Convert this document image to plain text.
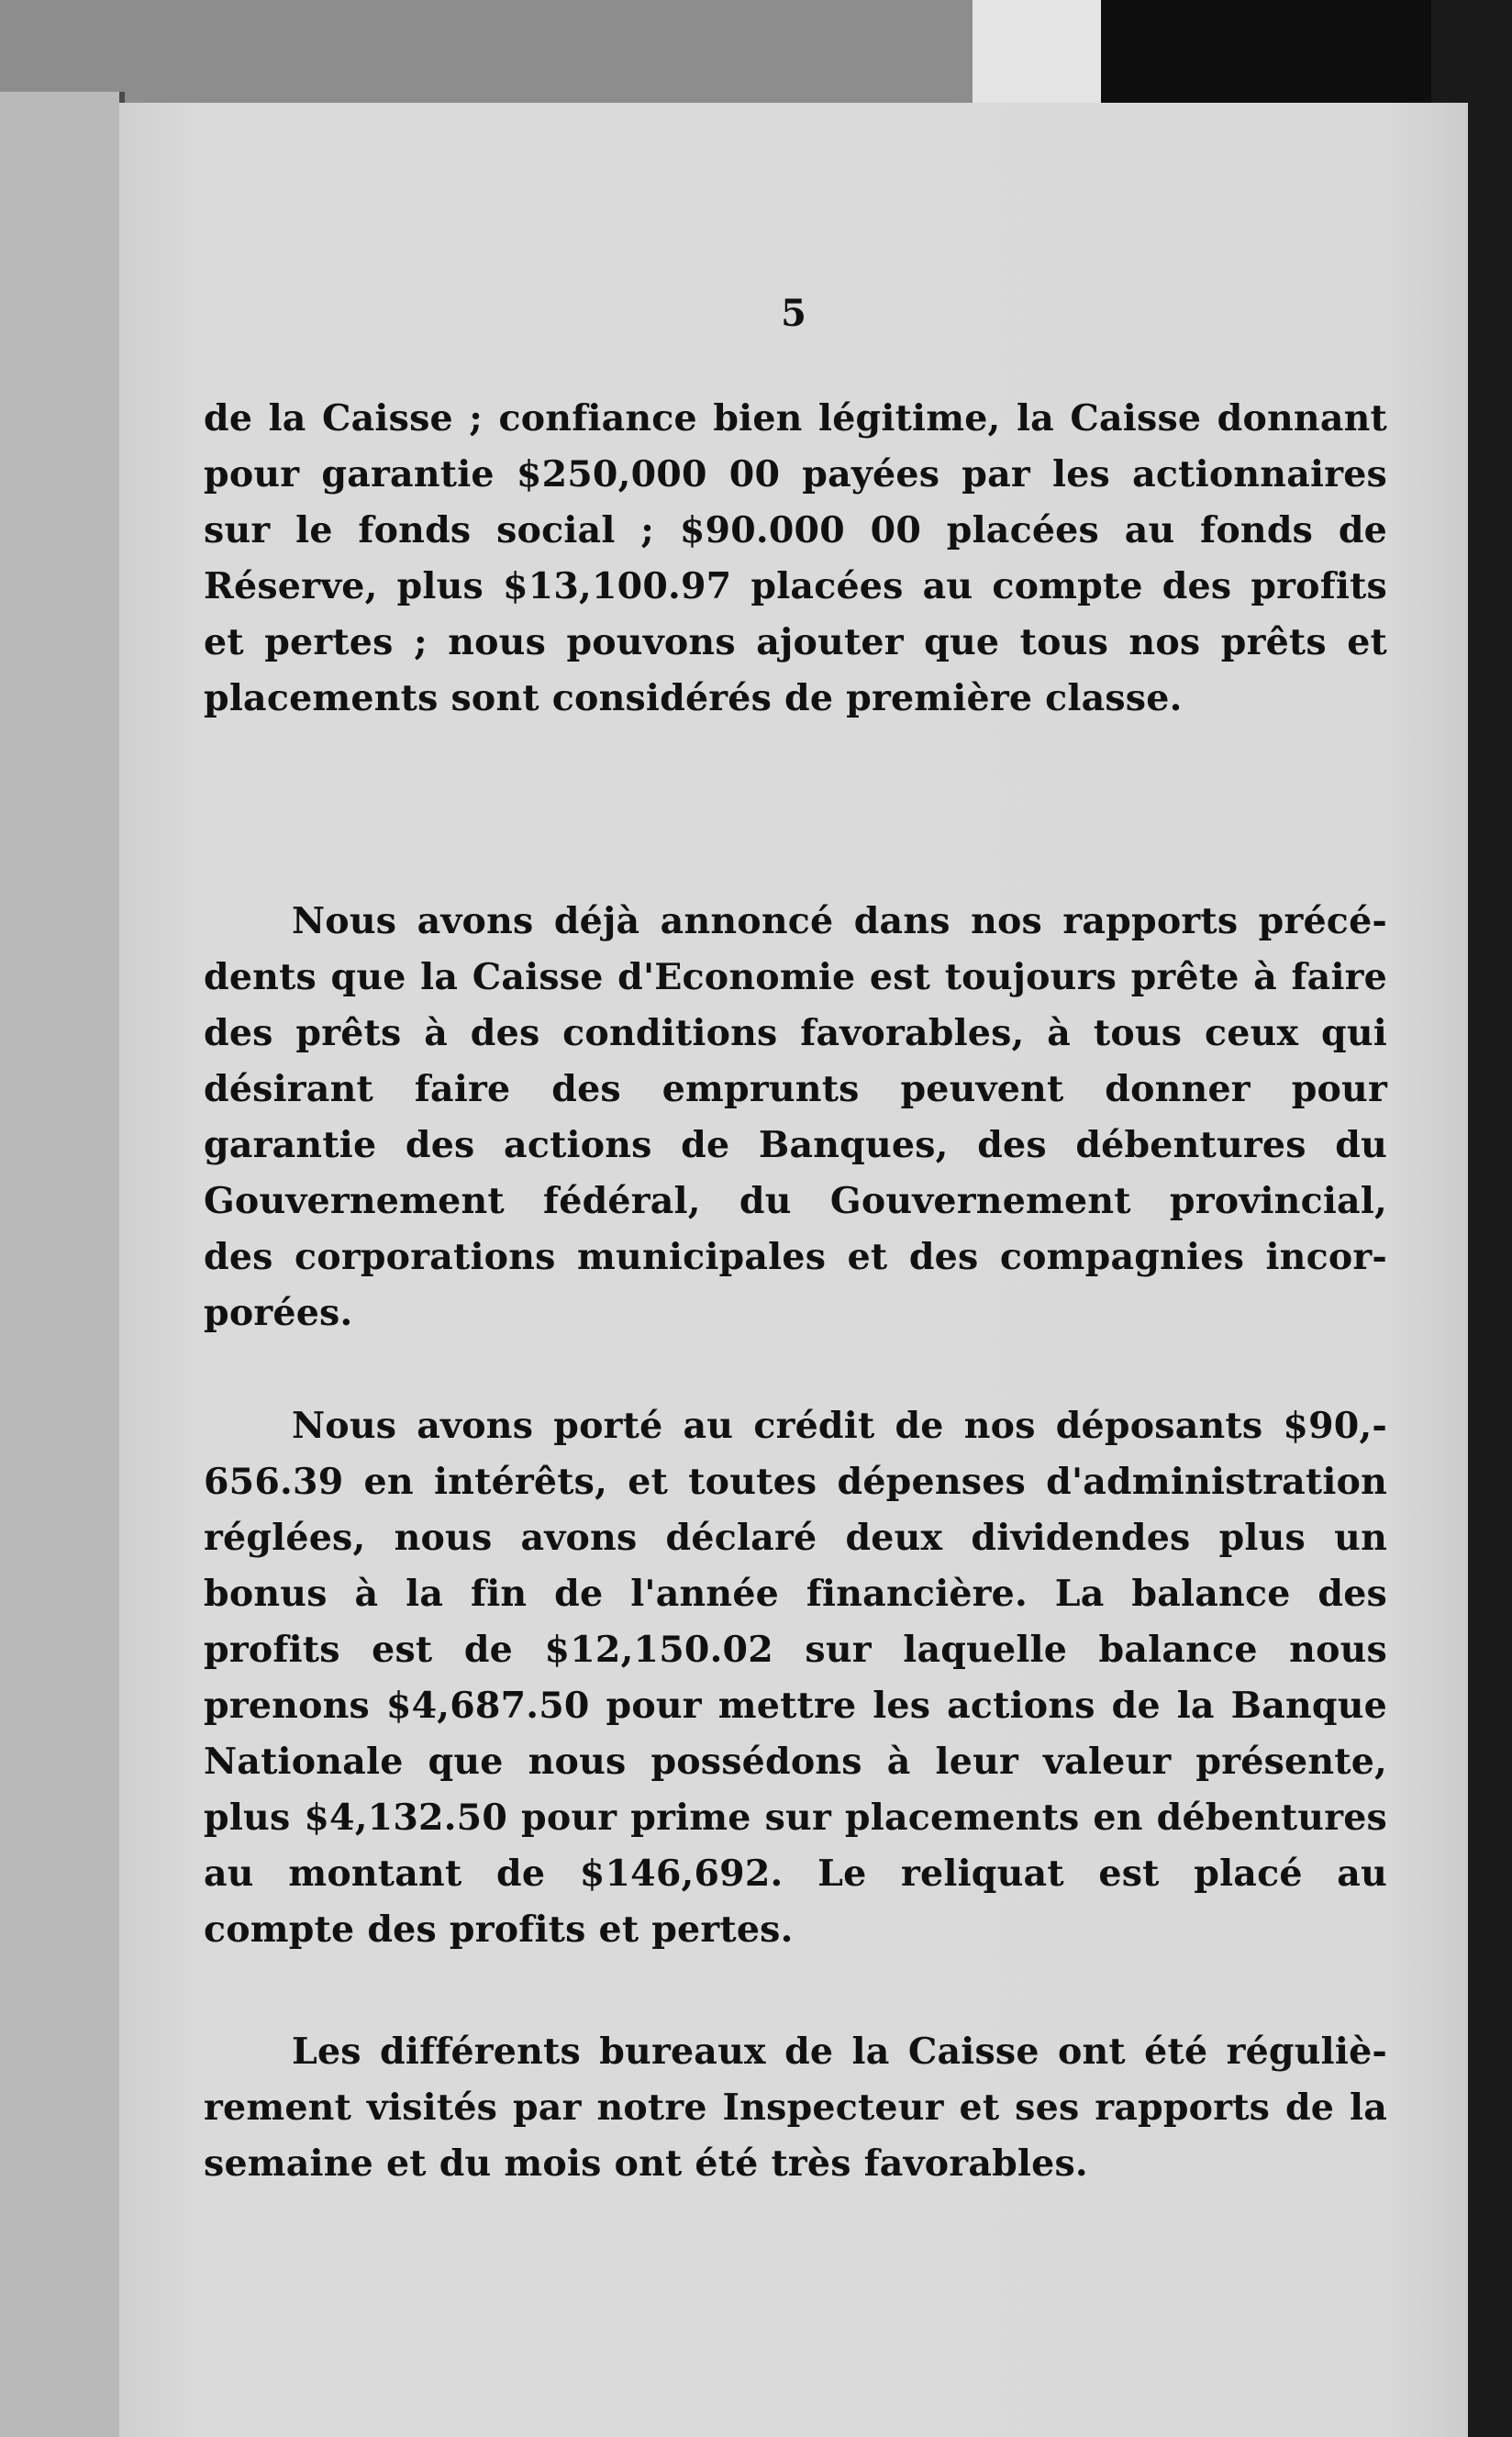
5
de la Caisse ; confiance bien légitime, la Caisse donnant
pour garantie $250,000 00 payées par les actionnaires
sur le fonds social ; $90.000 00 placées au fonds de
Réserve, plus $13,100.97 placées au compte des profits
et pertes ; nous pouvons ajouter que tous nos prêts et
placements sont considérés de première classe.
Nous avons déjà annoncé dans nos rapports précé-
dents que la Caisse d'Economie est toujours prête à faire
des prêts à des conditions favorables, à tous ceux qui
désirant faire des emprunts peuvent donner pour
garantie des actions de Banques, des débentures du
Gouvernement fédéral, du Gouvernement provincial,
des corporations municipales et des compagnies incor-
porées.
Nous avons porté au crédit de nos déposants $90,-
656.39 en intérêts, et toutes dépenses d'administration
réglées, nous avons déclaré deux dividendes plus un
bonus à la fin de l'année financière. La balance des
profits est de $12,150.02 sur laquelle balance nous
prenons $4,687.50 pour mettre les actions de la Banque
Nationale que nous possédons à leur valeur présente,
plus $4,132.50 pour prime sur placements en débentures
au montant de $146,692. Le reliquat est placé au
compte des profits et pertes.
Les différents bureaux de la Caisse ont été réguliè-
rement visités par notre Inspecteur et ses rapports de la
semaine et du mois ont été très favorables.
